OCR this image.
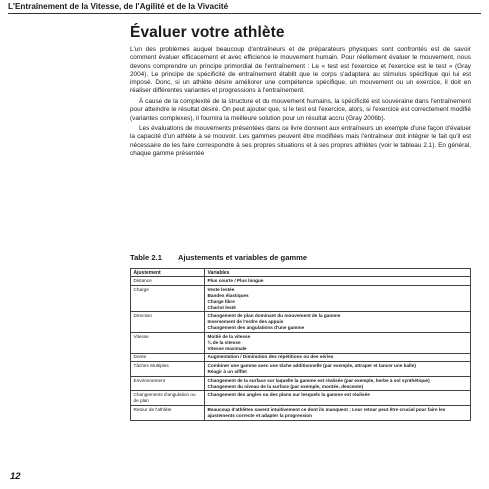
L'Entraînement de la Vitesse, de l'Agilité et de la Vivacité
Évaluer votre athlète

L'un des problèmes auquel beaucoup d'entraîneurs et de préparateurs physiques sont confrontés est de savoir comment évaluer efficacement et avec efficience le mouvement humain. Pour réellement évaluer le mouvement, nous devons comprendre un principe primordial de l'entraînement : Le « test est l'exercice et l'exercice est le test » (Gray 2004). Le principe de spécificité de entraînement établit que le corps s'adaptera au stimulus spécifique qui lui est imposé. Donc, si un athlète désire améliorer une compétence spécifique, un mouvement ou un exercice, il doit en réaliser différentes variantes et progressions à l'entraînement.

À cause de la complexité de la structure et du mouvement humains, la spécificité est souveraine dans l'entraînement pour atteindre le résultat désiré. On peut ajouter que, si le test est l'exercice, alors, si l'exercice est correctement modifié (variantes complexes), il fournira la meilleure solution pour un résultat accru (Gray 2006b).

Les évaluations de mouvements présentées dans ce livre donnent aux entraîneurs un exemple d'une façon d'évaluer la capacité d'un athlète à se mouvoir. Les gammes peuvent être modifiées mais l'entraîneur doit intégrer le fait qu'il est nécessaire de les faire correspondre à ses propres situations et à ses propres athlètes (voir le tableau 2.1). En général, chaque gamme présentée

Table 2.1 Ajustements et variables de gamme
Ajustement	Variables
Distance	Plus courte / Plus longue

Charge	Veste lestée
Bandes élastiques
Charge libre
Chariot lesté

Direction	Changement de plan dominant du mouvement de la gamme
Inversement de l'ordre des appuis
Changement des angulations d'une gamme

Vitesse	Moitié de la vitesse
¾ de la vitesse
Vitesse maximale

Durée	Augmentation / Diminution des répétitions ou des séries

Tâches Multiples	Combiner une gamme avec une tâche additionnelle (par exemple, attraper et lancer une balle)
Réagir à un sifflet

Environnement	Changement de la surface sur laquelle la gamme est réalisée (par exemple, herbe à sol synthétique)
Changement du niveau de la surface (par exemple, montée, descente)

Changements d'angulation ou de plan	Changement des angles ou des plans sur lesquels la gamme est réalisée

Retour de l'athlète	Beaucoup d'athlètes savent intuitivement ce dont ils manquent ; Leur retour peut être crucial pour faire les ajustements correcte et adapter la progression
12
